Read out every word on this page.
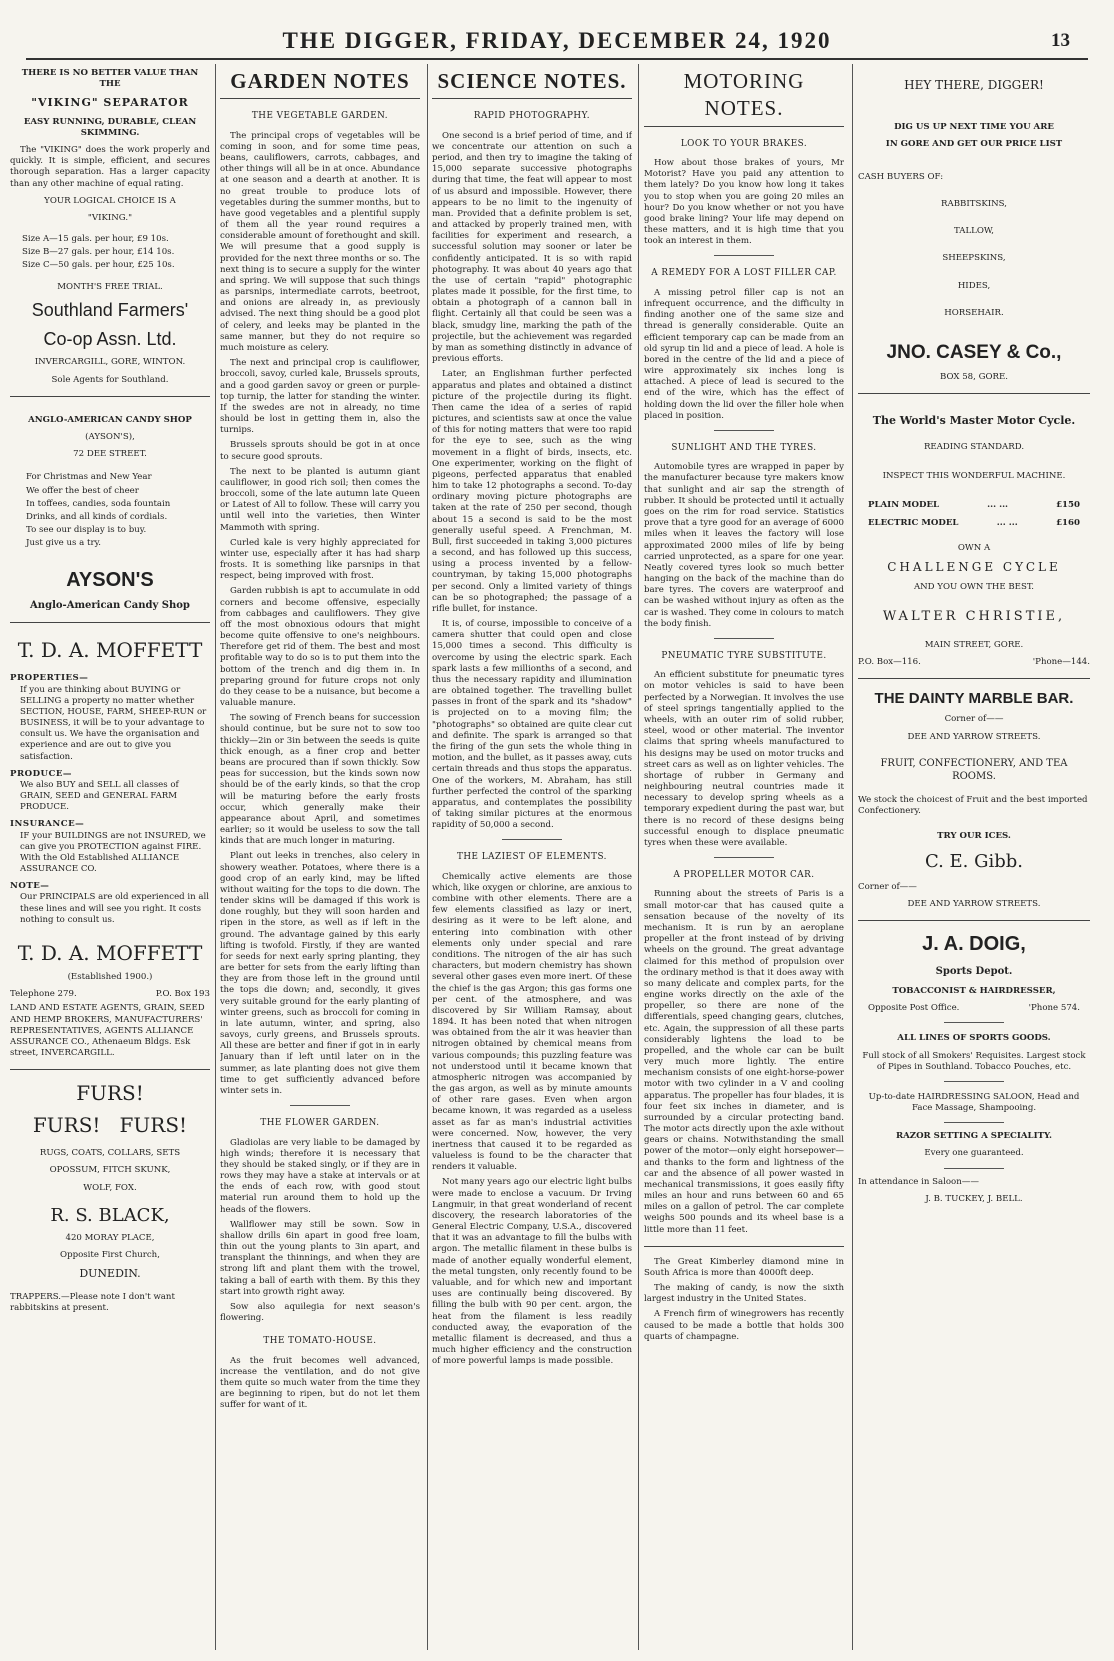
THE DIGGER, FRIDAY, DECEMBER 24, 1920	13
THERE IS NO BETTER VALUE THAN THE
"VIKING" SEPARATOR
EASY RUNNING, DURABLE, CLEAN SKIMMING.

The "VIKING" does the work properly and quickly. It is simple, efficient, and secures thorough separation. Has a larger capacity than any other machine of equal rating.

YOUR LOGICAL CHOICE IS A
"VIKING."
Size A—15 gals. per hour, £9 10s.
Size B—27 gals. per hour, £14 10s.
Size C—50 gals. per hour, £25 10s.
MONTH'S FREE TRIAL.
Southland Farmers'
Co-op Assn. Ltd.
INVERCARGILL, GORE, WINTON.
Sole Agents for Southland.
ANGLO-AMERICAN CANDY SHOP
(AYSON'S),
72 DEE STREET.
For Christmas and New Year
We offer the best of cheer
In toffees, candies, soda fountain
Drinks, and all kinds of cordials.
To see our display is to buy.
Just give us a try.
AYSON'S
Anglo-American Candy Shop
T. D. A. MOFFETT
PROPERTIES—
If you are thinking about BUYING or SELLING a property no matter whether SECTION, HOUSE, FARM, SHEEP-RUN or BUSINESS, it will be to your advantage to consult us. We have the organisation and experience and are out to give you satisfaction.
PRODUCE—
We also BUY and SELL all classes of GRAIN, SEED and GENERAL FARM PRODUCE.
INSURANCE—
IF your BUILDINGS are not INSURED, we can give you PROTECTION against FIRE. With the Old Established ALLIANCE ASSURANCE CO.
NOTE—
Our PRINCIPALS are old experienced in all these lines and will see you right. It costs nothing to consult us.
T. D. A. MOFFETT
(Established 1900.)
Telephone 279.	P.O. Box 193
LAND AND ESTATE AGENTS, GRAIN, SEED AND HEMP BROKERS, MANUFACTURERS' REPRESENTATIVES, AGENTS ALLIANCE ASSURANCE CO., Athenaeum Bldgs. Esk street, INVERCARGILL.
FURS!
FURS!   FURS!
RUGS, COATS, COLLARS, SETS
OPOSSUM, FITCH SKUNK,
WOLF, FOX.
R. S. BLACK,
420 MORAY PLACE,
Opposite First Church,
DUNEDIN.
TRAPPERS.—Please note I don't want rabbitskins at present.
GARDEN NOTES
THE VEGETABLE GARDEN.

The principal crops of vegetables will be coming in soon, and for some time peas, beans, cauliflowers, carrots, cabbages, and other things will all be in at once. Abundance at one season and a dearth at another. It is no great trouble to produce lots of vegetables during the summer months, but to have good vegetables and a plentiful supply of them all the year round requires a considerable amount of forethought and skill. We will presume that a good supply is provided for the next three months or so. The next thing is to secure a supply for the winter and spring. We will suppose that such things as parsnips, intermediate carrots, beetroot, and onions are already in, as previously advised. The next thing should be a good plot of celery, and leeks may be planted in the same manner, but they do not require so much moisture as celery.

The next and principal crop is cauliflower, broccoli, savoy, curled kale, Brussels sprouts, and a good garden savoy or green or purple-top turnip, the latter for standing the winter. If the swedes are not in already, no time should be lost in getting them in, also the turnips.

Brussels sprouts should be got in at once to secure good sprouts.

The next to be planted is autumn giant cauliflower, in good rich soil; then comes the broccoli, some of the late autumn late Queen or Latest of All to follow. These will carry you until well into the varieties, then Winter Mammoth with spring.

Curled kale is very highly appreciated for winter use, especially after it has had sharp frosts. It is something like parsnips in that respect, being improved with frost.

Garden rubbish is apt to accumulate in odd corners and become offensive, especially from cabbages and cauliflowers. They give off the most obnoxious odours that might become quite offensive to one's neighbours. Therefore get rid of them. The best and most profitable way to do so is to put them into the bottom of the trench and dig them in. In preparing ground for future crops not only do they cease to be a nuisance, but become a valuable manure.

The sowing of French beans for succession should continue, but be sure not to sow too thickly—2in or 3in between the seeds is quite thick enough, as a finer crop and better beans are procured than if sown thickly. Sow peas for succession, but the kinds sown now should be of the early kinds, so that the crop will be maturing before the early frosts occur, which generally make their appearance about April, and sometimes earlier; so it would be useless to sow the tall kinds that are much longer in maturing.

Plant out leeks in trenches, also celery in showery weather. Potatoes, where there is a good crop of an early kind, may be lifted without waiting for the tops to die down. The tender skins will be damaged if this work is done roughly, but they will soon harden and ripen in the store, as well as if left in the ground. The advantage gained by this early lifting is twofold. Firstly, if they are wanted for seeds for next early spring planting, they are better for sets from the early lifting than they are from those left in the ground until the tops die down; and, secondly, it gives very suitable ground for the early planting of winter greens, such as broccoli for coming in in late autumn, winter, and spring, also savoys, curly greens, and Brussels sprouts. All these are better and finer if got in in early January than if left until later on in the summer, as late planting does not give them time to get sufficiently advanced before winter sets in.

THE FLOWER GARDEN.

Gladiolas are very liable to be damaged by high winds; therefore it is necessary that they should be staked singly, or if they are in rows they may have a stake at intervals or at the ends of each row, with good stout material run around them to hold up the heads of the flowers.

Wallflower may still be sown. Sow in shallow drills 6in apart in good free loam, thin out the young plants to 3in apart, and transplant the thinnings, and when they are strong lift and plant them with the trowel, taking a ball of earth with them. By this they start into growth right away.

Sow also aquilegia for next season's flowering.

THE TOMATO-HOUSE.

As the fruit becomes well advanced, increase the ventilation, and do not give them quite so much water from the time they are beginning to ripen, but do not let them suffer for want of it.

SCIENCE NOTES.
RAPID PHOTOGRAPHY.

One second is a brief period of time, and if we concentrate our attention on such a period, and then try to imagine the taking of 15,000 separate successive photographs during that time, the feat will appear to most of us absurd and impossible. However, there appears to be no limit to the ingenuity of man. Provided that a definite problem is set, and attacked by properly trained men, with facilities for experiment and research, a successful solution may sooner or later be confidently anticipated. It is so with rapid photography. It was about 40 years ago that the use of certain "rapid" photographic plates made it possible, for the first time, to obtain a photograph of a cannon ball in flight. Certainly all that could be seen was a black, smudgy line, marking the path of the projectile, but the achievement was regarded by man as something distinctly in advance of previous efforts.

Later, an Englishman further perfected apparatus and plates and obtained a distinct picture of the projectile during its flight. Then came the idea of a series of rapid pictures, and scientists saw at once the value of this for noting matters that were too rapid for the eye to see, such as the wing movement in a flight of birds, insects, etc. One experimenter, working on the flight of pigeons, perfected apparatus that enabled him to take 12 photographs a second. To-day ordinary moving picture photographs are taken at the rate of 250 per second, though about 15 a second is said to be the most generally useful speed. A Frenchman, M. Bull, first succeeded in taking 3,000 pictures a second, and has followed up this success, using a process invented by a fellow-countryman, by taking 15,000 photographs per second. Only a limited variety of things can be so photographed; the passage of a rifle bullet, for instance.

It is, of course, impossible to conceive of a camera shutter that could open and close 15,000 times a second. This difficulty is overcome by using the electric spark. Each spark lasts a few millionths of a second, and thus the necessary rapidity and illumination are obtained together. The travelling bullet passes in front of the spark and its "shadow" is projected on to a moving film; the "photographs" so obtained are quite clear cut and definite. The spark is arranged so that the firing of the gun sets the whole thing in motion, and the bullet, as it passes away, cuts certain threads and thus stops the apparatus. One of the workers, M. Abraham, has still further perfected the control of the sparking apparatus, and contemplates the possibility of taking similar pictures at the enormous rapidity of 50,000 a second.

THE LAZIEST OF ELEMENTS.

Chemically active elements are those which, like oxygen or chlorine, are anxious to combine with other elements. There are a few elements classified as lazy or inert, desiring as it were to be left alone, and entering into combination with other elements only under special and rare conditions. The nitrogen of the air has such characters, but modern chemistry has shown several other gases even more inert. Of these the chief is the gas Argon; this gas forms one per cent. of the atmosphere, and was discovered by Sir William Ramsay, about 1894. It has been noted that when nitrogen was obtained from the air it was heavier than nitrogen obtained by chemical means from various compounds; this puzzling feature was not understood until it became known that atmospheric nitrogen was accompanied by the gas argon, as well as by minute amounts of other rare gases. Even when argon became known, it was regarded as a useless asset as far as man's industrial activities were concerned. Now, however, the very inertness that caused it to be regarded as valueless is found to be the character that renders it valuable.

Not many years ago our electric light bulbs were made to enclose a vacuum. Dr Irving Langmuir, in that great wonderland of recent discovery, the research laboratories of the General Electric Company, U.S.A., discovered that it was an advantage to fill the bulbs with argon. The metallic filament in these bulbs is made of another equally wonderful element, the metal tungsten, only recently found to be valuable, and for which new and important uses are continually being discovered. By filling the bulb with 90 per cent. argon, the heat from the filament is less readily conducted away, the evaporation of the metallic filament is decreased, and thus a much higher efficiency and the construction of more powerful lamps is made possible.

MOTORING NOTES.
LOOK TO YOUR BRAKES.

How about those brakes of yours, Mr Motorist? Have you paid any attention to them lately? Do you know how long it takes you to stop when you are going 20 miles an hour? Do you know whether or not you have good brake lining? Your life may depend on these matters, and it is high time that you took an interest in them.

A REMEDY FOR A LOST FILLER CAP.

A missing petrol filler cap is not an infrequent occurrence, and the difficulty in finding another one of the same size and thread is generally considerable. Quite an efficient temporary cap can be made from an old syrup tin lid and a piece of lead. A hole is bored in the centre of the lid and a piece of wire approximately six inches long is attached. A piece of lead is secured to the end of the wire, which has the effect of holding down the lid over the filler hole when placed in position.

SUNLIGHT AND THE TYRES.

Automobile tyres are wrapped in paper by the manufacturer because tyre makers know that sunlight and air sap the strength of rubber. It should be protected until it actually goes on the rim for road service. Statistics prove that a tyre good for an average of 6000 miles when it leaves the factory will lose approximated 2000 miles of life by being carried unprotected, as a spare for one year. Neatly covered tyres look so much better hanging on the back of the machine than do bare tyres. The covers are waterproof and can be washed without injury as often as the car is washed. They come in colours to match the body finish.

PNEUMATIC TYRE SUBSTITUTE.

An efficient substitute for pneumatic tyres on motor vehicles is said to have been perfected by a Norwegian. It involves the use of steel springs tangentially applied to the wheels, with an outer rim of solid rubber, steel, wood or other material. The inventor claims that spring wheels manufactured to his designs may be used on motor trucks and street cars as well as on lighter vehicles. The shortage of rubber in Germany and neighbouring neutral countries made it necessary to develop spring wheels as a temporary expedient during the past war, but there is no record of these designs being successful enough to displace pneumatic tyres when these were available.

A PROPELLER MOTOR CAR.

Running about the streets of Paris is a small motor-car that has caused quite a sensation because of the novelty of its mechanism. It is run by an aeroplane propeller at the front instead of by driving wheels on the ground. The great advantage claimed for this method of propulsion over the ordinary method is that it does away with so many delicate and complex parts, for the engine works directly on the axle of the propeller, so there are none of the differentials, speed changing gears, clutches, etc. Again, the suppression of all these parts considerably lightens the load to be propelled, and the whole car can be built very much more lightly. The entire mechanism consists of one eight-horse-power motor with two cylinder in a V and cooling apparatus. The propeller has four blades, it is four feet six inches in diameter, and is surrounded by a circular protecting band. The motor acts directly upon the axle without gears or chains. Notwithstanding the small power of the motor—only eight horsepower—and thanks to the form and lightness of the car and the absence of all power wasted in mechanical transmissions, it goes easily fifty miles an hour and runs between 60 and 65 miles on a gallon of petrol. The car complete weighs 500 pounds and its wheel base is a little more than 11 feet.

The Great Kimberley diamond mine in South Africa is more than 4000ft deep.

The making of candy, is now the sixth largest industry in the United States.

A French firm of winegrowers has recently caused to be made a bottle that holds 300 quarts of champagne.

HEY THERE, DIGGER!
DIG US UP NEXT TIME YOU ARE
IN GORE AND GET OUR PRICE LIST
CASH BUYERS OF:
RABBITSKINS,
TALLOW,
SHEEPSKINS,
HIDES,
HORSEHAIR.
JNO. CASEY & Co.,
BOX 58, GORE.
The World's Master Motor Cycle.
READING STANDARD.
INSPECT THIS WONDERFUL MACHINE.
PLAIN MODEL	... ...	£150
ELECTRIC MODEL	... ...	£160
OWN A
CHALLENGE CYCLE
AND YOU OWN THE BEST.
WALTER CHRISTIE,
MAIN STREET, GORE.
P.O. Box—116.	'Phone—144.
THE DAINTY MARBLE BAR.
Corner of——
DEE AND YARROW STREETS.
FRUIT, CONFECTIONERY, AND TEA ROOMS.
We stock the choicest of Fruit and the best imported Confectionery.
TRY OUR ICES.
C. E. Gibb.
Corner of——
DEE AND YARROW STREETS.
J. A. DOIG,
Sports Depot.
TOBACCONIST & HAIRDRESSER,
Opposite Post Office.	'Phone 574.
ALL LINES OF SPORTS GOODS.
Full stock of all Smokers' Requisites. Largest stock of Pipes in Southland. Tobacco Pouches, etc.
Up-to-date HAIRDRESSING SALOON, Head and Face Massage, Shampooing.
RAZOR SETTING A SPECIALITY.
Every one guaranteed.
In attendance in Saloon——
J. B. TUCKEY, J. BELL.
